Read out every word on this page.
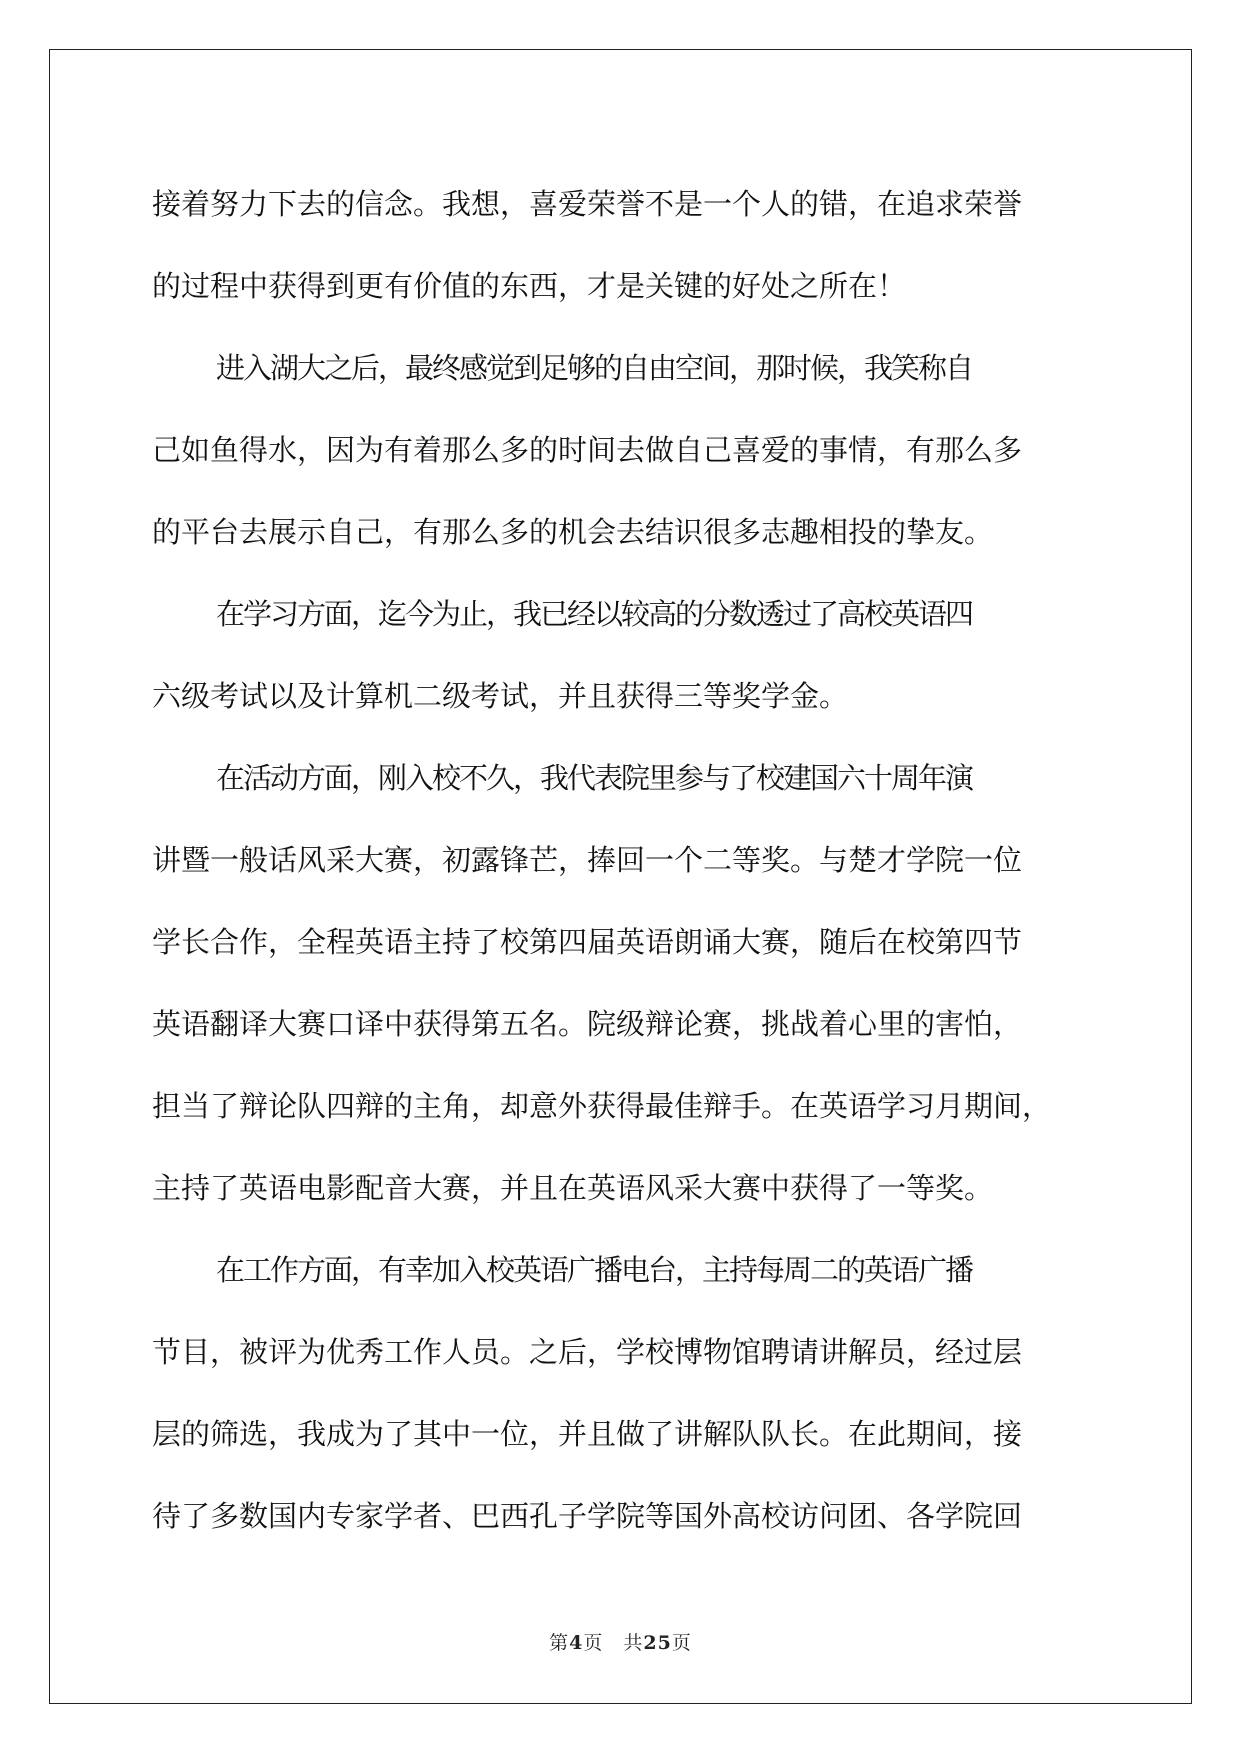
接着努力下去的信念。我想，喜爱荣誉不是一个人的错，在追求荣誉

的过程中获得到更有价值的东西，才是关键的好处之所在！

进入湖大之后，最终感觉到足够的自由空间，那时候，我笑称自

己如鱼得水，因为有着那么多的时间去做自己喜爱的事情，有那么多

的平台去展示自己，有那么多的机会去结识很多志趣相投的挚友。

在学习方面，迄今为止，我已经以较高的分数透过了高校英语四

六级考试以及计算机二级考试，并且获得三等奖学金。

在活动方面，刚入校不久，我代表院里参与了校建国六十周年演

讲暨一般话风采大赛，初露锋芒，捧回一个二等奖。与楚才学院一位

学长合作，全程英语主持了校第四届英语朗诵大赛，随后在校第四节

英语翻译大赛口译中获得第五名。院级辩论赛，挑战着心里的害怕，

担当了辩论队四辩的主角，却意外获得最佳辩手。在英语学习月期间，

主持了英语电影配音大赛，并且在英语风采大赛中获得了一等奖。

在工作方面，有幸加入校英语广播电台，主持每周二的英语广播

节目，被评为优秀工作人员。之后，学校博物馆聘请讲解员，经过层

层的筛选，我成为了其中一位，并且做了讲解队队长。在此期间，接

待了多数国内专家学者、巴西孔子学院等国外高校访问团、各学院回

第4页 共25页
